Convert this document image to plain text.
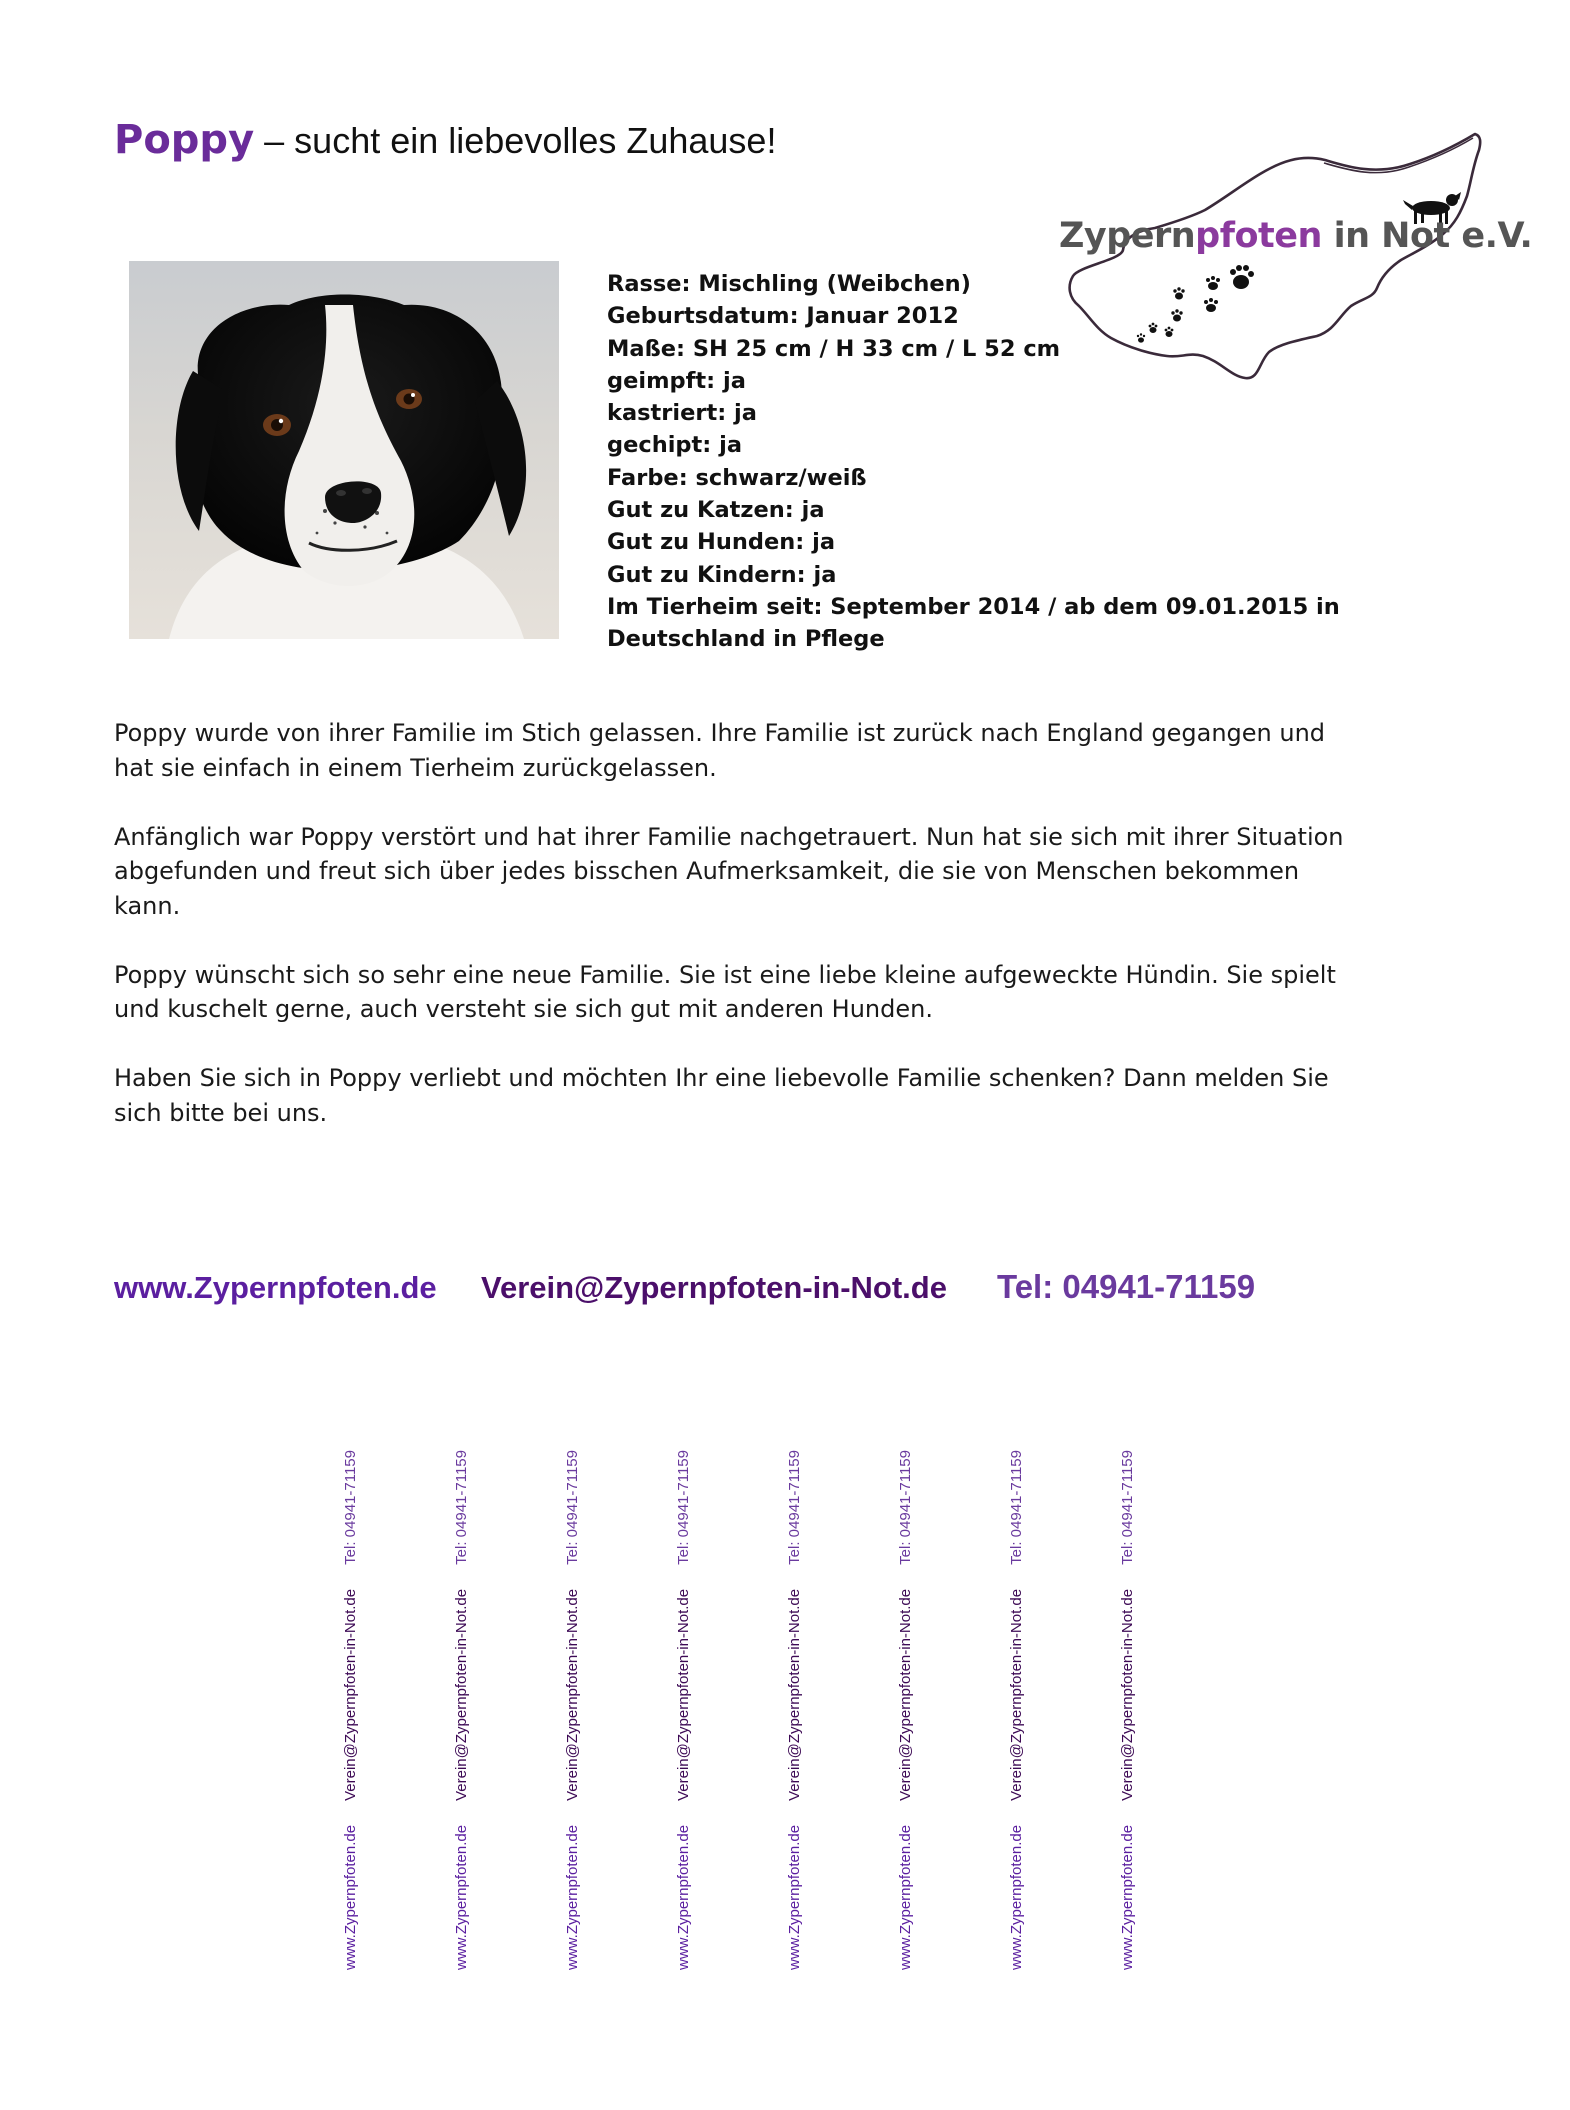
Poppy – sucht ein liebevolles Zuhause!
Zypernpfoten in Not e.V.
Rasse: Mischling (Weibchen)
Geburtsdatum: Januar 2012
Maße: SH 25 cm / H 33 cm / L 52 cm
geimpft: ja
kastriert: ja
gechipt: ja
Farbe: schwarz/weiß
Gut zu Katzen: ja
Gut zu Hunden: ja
Gut zu Kindern: ja
Im Tierheim seit: September 2014 / ab dem 09.01.2015 in Deutschland in Pflege

Poppy wurde von ihrer Familie im Stich gelassen. Ihre Familie ist zurück nach England gegangen und hat sie einfach in einem Tierheim zurückgelassen.

Anfänglich war Poppy verstört und hat ihrer Familie nachgetrauert. Nun hat sie sich mit ihrer Situation abgefunden und freut sich über jedes bisschen Aufmerksamkeit, die sie von Menschen bekommen kann.

Poppy wünscht sich so sehr eine neue Familie. Sie ist eine liebe kleine aufgeweckte Hündin. Sie spielt und kuschelt gerne, auch versteht sie sich gut mit anderen Hunden.

Haben Sie sich in Poppy verliebt und möchten Ihr eine liebevolle Familie schenken? Dann melden Sie sich bitte bei uns.

www.Zypernpfoten.de Verein@Zypernpfoten-in-Not.de Tel: 04941-71159
www.Zypernpfoten.de
Verein@Zypernpfoten-in-Not.de
Tel: 04941-71159
www.Zypernpfoten.de
Verein@Zypernpfoten-in-Not.de
Tel: 04941-71159
www.Zypernpfoten.de
Verein@Zypernpfoten-in-Not.de
Tel: 04941-71159
www.Zypernpfoten.de
Verein@Zypernpfoten-in-Not.de
Tel: 04941-71159
www.Zypernpfoten.de
Verein@Zypernpfoten-in-Not.de
Tel: 04941-71159
www.Zypernpfoten.de
Verein@Zypernpfoten-in-Not.de
Tel: 04941-71159
www.Zypernpfoten.de
Verein@Zypernpfoten-in-Not.de
Tel: 04941-71159
www.Zypernpfoten.de
Verein@Zypernpfoten-in-Not.de
Tel: 04941-71159
